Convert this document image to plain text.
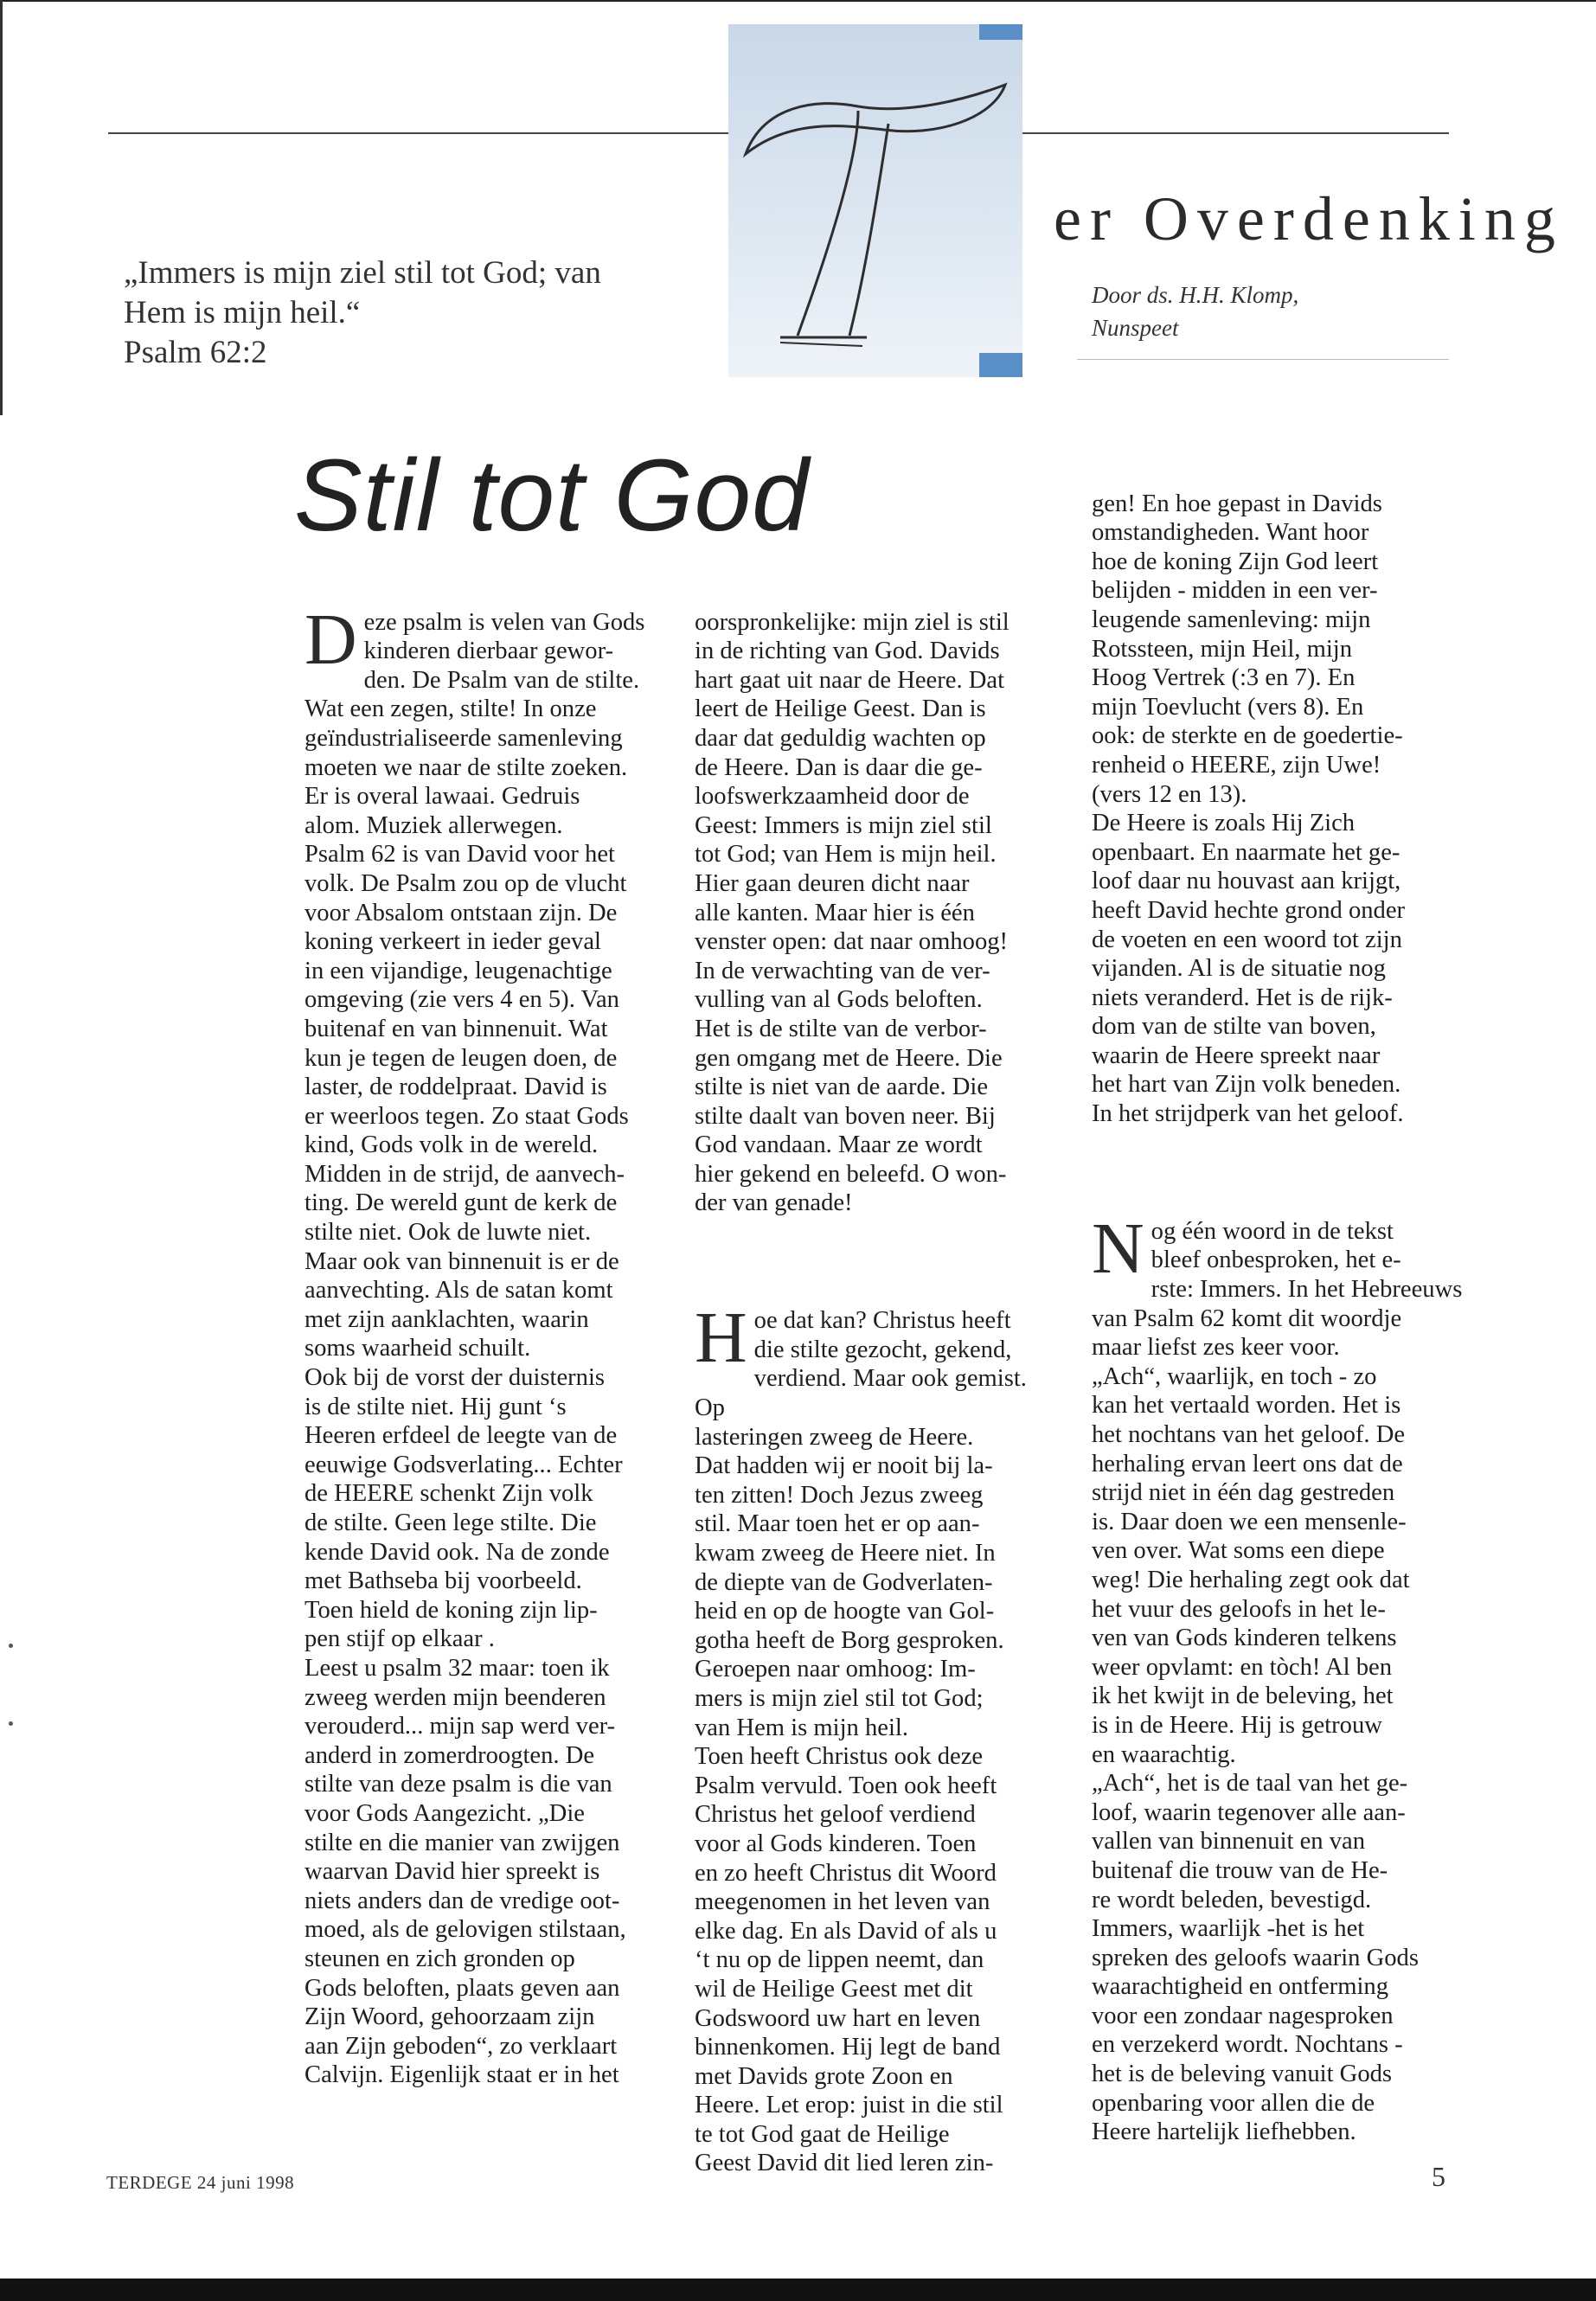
er Overdenking
Door ds. H.H. Klomp,
Nunspeet
„Immers is mijn ziel stil tot God; van
Hem is mijn heil.“
Psalm 62:2
Stil tot God

Deze psalm is velen van Gods
kinderen dierbaar gewor-
den. De Psalm van de stilte.
Wat een zegen, stilte! In onze
geïndustrialiseerde samenleving
moeten we naar de stilte zoeken.
Er is overal lawaai. Gedruis
alom. Muziek allerwegen.
Psalm 62 is van David voor het
volk. De Psalm zou op de vlucht
voor Absalom ontstaan zijn. De
koning verkeert in ieder geval
in een vijandige, leugenachtige
omgeving (zie vers 4 en 5). Van
buitenaf en van binnenuit. Wat
kun je tegen de leugen doen, de
laster, de roddelpraat. David is
er weerloos tegen. Zo staat Gods
kind, Gods volk in de wereld.
Midden in de strijd, de aanvech-
ting. De wereld gunt de kerk de
stilte niet. Ook de luwte niet.
Maar ook van binnenuit is er de
aanvechting. Als de satan komt
met zijn aanklachten, waarin
soms waarheid schuilt.
Ook bij de vorst der duisternis
is de stilte niet. Hij gunt ‘s
Heeren erfdeel de leegte van de
eeuwige Godsverlating... Echter
de HEERE schenkt Zijn volk
de stilte. Geen lege stilte. Die
kende David ook. Na de zonde
met Bathseba bij voorbeeld.
Toen hield de koning zijn lip-
pen stijf op elkaar .
Leest u psalm 32 maar: toen ik
zweeg werden mijn beenderen
verouderd... mijn sap werd ver-
anderd in zomerdroogten. De
stilte van deze psalm is die van
voor Gods Aangezicht. „Die
stilte en die manier van zwijgen
waarvan David hier spreekt is
niets anders dan de vredige oot-
moed, als de gelovigen stilstaan,
steunen en zich gronden op
Gods beloften, plaats geven aan
Zijn Woord, gehoorzaam zijn
aan Zijn geboden“, zo verklaart
Calvijn. Eigenlijk staat er in het

oorspronkelijke: mijn ziel is stil
in de richting van God. Davids
hart gaat uit naar de Heere. Dat
leert de Heilige Geest. Dan is
daar dat geduldig wachten op
de Heere. Dan is daar die ge-
loofswerkzaamheid door de
Geest: Immers is mijn ziel stil
tot God; van Hem is mijn heil.
Hier gaan deuren dicht naar
alle kanten. Maar hier is één
venster open: dat naar omhoog!
In de verwachting van de ver-
vulling van al Gods beloften.
Het is de stilte van de verbor-
gen omgang met de Heere. Die
stilte is niet van de aarde. Die
stilte daalt van boven neer. Bij
God vandaan. Maar ze wordt
hier gekend en beleefd. O won-
der van genade!

Hoe dat kan? Christus heeft
die stilte gezocht, gekend,
verdiend. Maar ook gemist. Op
lasteringen zweeg de Heere.
Dat hadden wij er nooit bij la-
ten zitten! Doch Jezus zweeg
stil. Maar toen het er op aan-
kwam zweeg de Heere niet. In
de diepte van de Godverlaten-
heid en op de hoogte van Gol-
gotha heeft de Borg gesproken.
Geroepen naar omhoog: Im-
mers is mijn ziel stil tot God;
van Hem is mijn heil.
Toen heeft Christus ook deze
Psalm vervuld. Toen ook heeft
Christus het geloof verdiend
voor al Gods kinderen. Toen
en zo heeft Christus dit Woord
meegenomen in het leven van
elke dag. En als David of als u
‘t nu op de lippen neemt, dan
wil de Heilige Geest met dit
Godswoord uw hart en leven
binnenkomen. Hij legt de band
met Davids grote Zoon en
Heere. Let erop: juist in die stil
te tot God gaat de Heilige
Geest David dit lied leren zin-

gen! En hoe gepast in Davids
omstandigheden. Want hoor
hoe de koning Zijn God leert
belijden - midden in een ver-
leugende samenleving: mijn
Rotssteen, mijn Heil, mijn
Hoog Vertrek (:3 en 7). En
mijn Toevlucht (vers 8). En
ook: de sterkte en de goedertie-
renheid o HEERE, zijn Uwe!
(vers 12 en 13).
De Heere is zoals Hij Zich
openbaart. En naarmate het ge-
loof daar nu houvast aan krijgt,
heeft David hechte grond onder
de voeten en een woord tot zijn
vijanden. Al is de situatie nog
niets veranderd. Het is de rijk-
dom van de stilte van boven,
waarin de Heere spreekt naar
het hart van Zijn volk beneden.
In het strijdperk van het geloof.

Nog één woord in de tekst
bleef onbesproken, het e-
rste: Immers. In het Hebreeuws
van Psalm 62 komt dit woordje
maar liefst zes keer voor.
„Ach“, waarlijk, en toch - zo
kan het vertaald worden. Het is
het nochtans van het geloof. De
herhaling ervan leert ons dat de
strijd niet in één dag gestreden
is. Daar doen we een mensenle-
ven over. Wat soms een diepe
weg! Die herhaling zegt ook dat
het vuur des geloofs in het le-
ven van Gods kinderen telkens
weer opvlamt: en tòch! Al ben
ik het kwijt in de beleving, het
is in de Heere. Hij is getrouw
en waarachtig.
„Ach“, het is de taal van het ge-
loof, waarin tegenover alle aan-
vallen van binnenuit en van
buitenaf die trouw van de He-
re wordt beleden, bevestigd.
Immers, waarlijk -het is het
spreken des geloofs waarin Gods
waarachtigheid en ontferming
voor een zondaar nagesproken
en verzekerd wordt. Nochtans -
het is de beleving vanuit Gods
openbaring voor allen die de
Heere hartelijk liefhebben.

TERDEGE 24 juni 1998	5
